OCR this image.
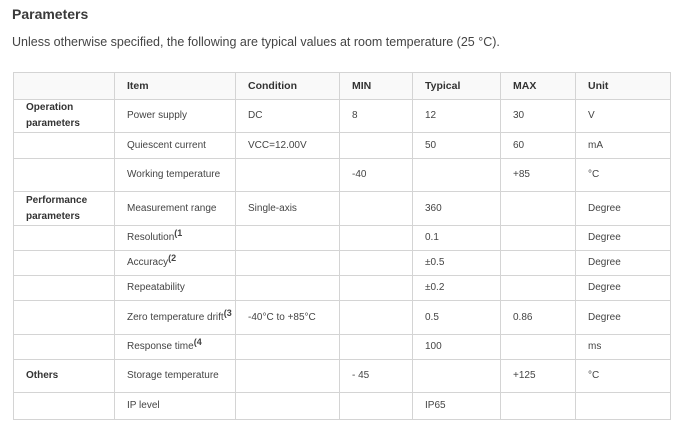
Parameters

Unless otherwise specified, the following are typical values at room temperature (25 °C).

	Item	Condition	MIN	Typical	MAX	Unit
Operation parameters	Power supply	DC	8	12	30	V
	Quiescent current	VCC=12.00V		50	60	mA
	Working temperature		-40		+85	°C
Performance parameters	Measurement range	Single-axis		360		Degree
	Resolution$^{(1}$			0.1		Degree
	Accuracy$^{(2}$			±0.5		Degree
	Repeatability			±0.2		Degree
	Zero temperature drift$^{(3}$	-40°C to +85°C		0.5	0.86	Degree
	Response time$^{(4}$			100		ms
Others	Storage temperature		- 45		+125	°C
	IP level			IP65		
